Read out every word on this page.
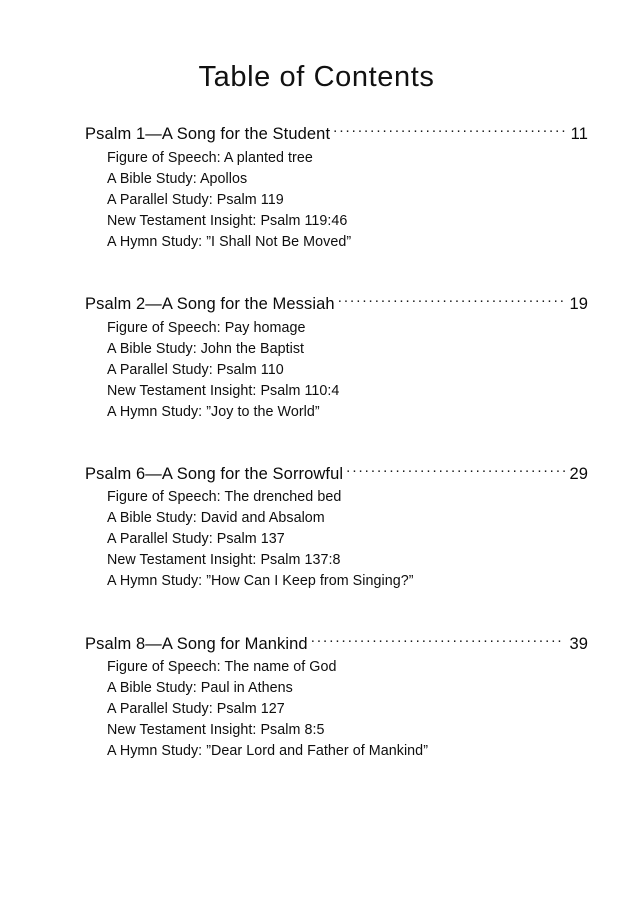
Table of Contents
Psalm 1—A Song for the Student .....	11
Figure of Speech: A planted tree
A Bible Study: Apollos
A Parallel Study: Psalm 119
New Testament Insight: Psalm 119:46
A Hymn Study: ”I Shall Not Be Moved”
Psalm 2—A Song for the Messiah .....	19
Figure of Speech: Pay homage
A Bible Study: John the Baptist
A Parallel Study: Psalm 110
New Testament Insight: Psalm 110:4
A Hymn Study: ”Joy to the World”
Psalm 6—A Song for the Sorrowful .....	29
Figure of Speech: The drenched bed
A Bible Study: David and Absalom
A Parallel Study: Psalm 137
New Testament Insight: Psalm 137:8
A Hymn Study: ”How Can I Keep from Singing?”
Psalm 8—A Song for Mankind .....	39
Figure of Speech: The name of God
A Bible Study: Paul in Athens
A Parallel Study: Psalm 127
New Testament Insight: Psalm 8:5
A Hymn Study: ”Dear Lord and Father of Mankind”
